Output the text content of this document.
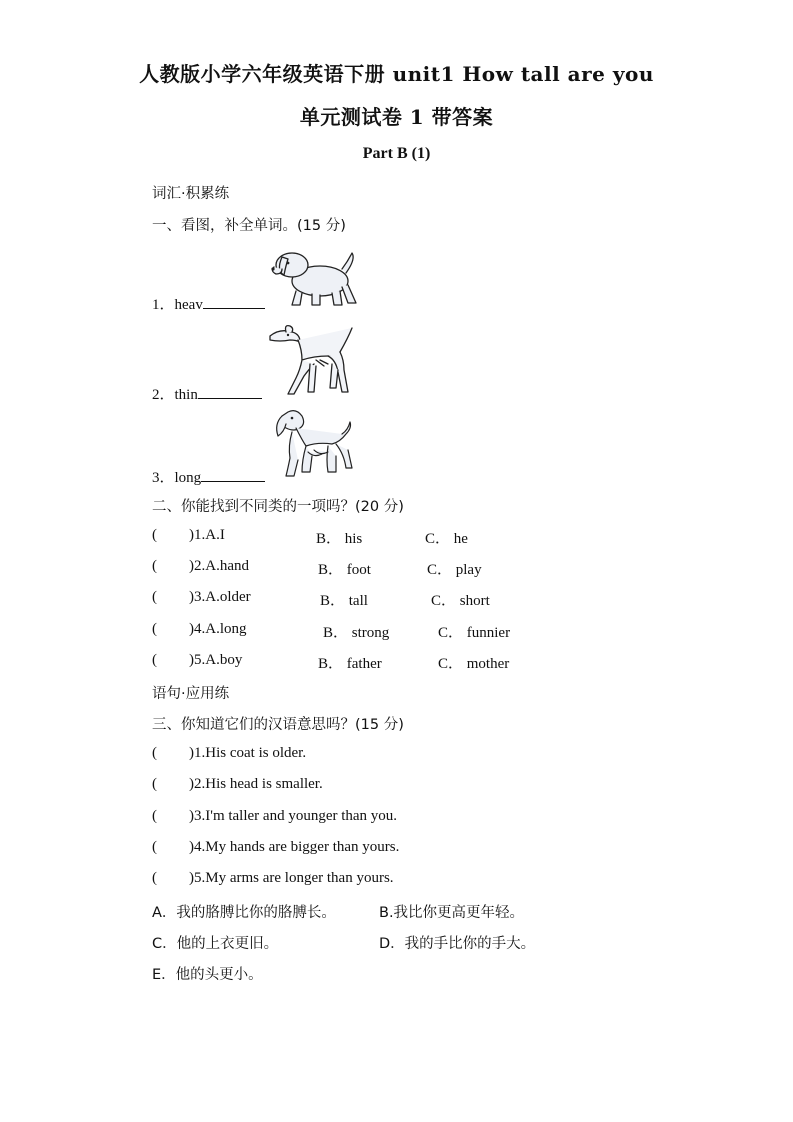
人教版小学六年级英语下册 unit1 How tall are you
单元测试卷 1 带答案
Part B (1)
词汇·积累练
一、看图，补全单词。(15 分)
1．heav
2．thin
3．long
二、你能找到不同类的一项吗？(20 分)
( )1.A.I	B． his	C． he
( )2.A.hand	B． foot	C． play
( )3.A.older	B． tall	C． short
( )4.A.long	B． strong	C． funnier
( )5.A.boy	B． father	C． mother
语句·应用练
三、你知道它们的汉语意思吗？(15 分)
( )1.His coat is older.
( )2.His head is smaller.
( )3.I'm taller and younger than you.
( )4.My hands are bigger than yours.
( )5.My arms are longer than yours.
A．我的胳膊比你的胳膊长。	B.我比你更高更年轻。
C．他的上衣更旧。	D．我的手比你的手大。
E．他的头更小。
